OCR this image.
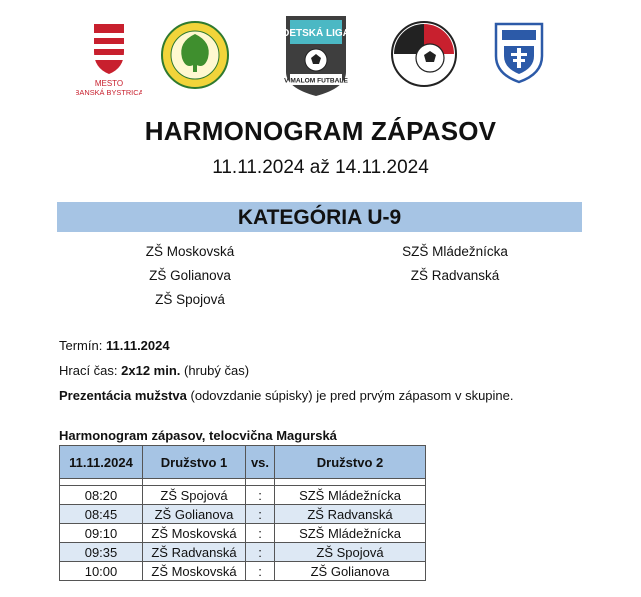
MESTO
BANSKÁ BYSTRICA
DETSKÁ LIGA
V MALOM FUTBALE
HARMONOGRAM ZÁPASOV
11.11.2024 až 14.11.2024
KATEGÓRIA U-9
ZŠ Moskovská
ZŠ Golianova
ZŠ Spojová
SZŠ Mládežnícka
ZŠ Radvanská
Termín: 11.11.2024
Hrací čas: 2x12 min. (hrubý čas)
Prezentácia mužstva (odovzdanie súpisky) je pred prvým zápasom v skupine.
Harmonogram zápasov, telocvična Magurská
11.11.2024	Družstvo 1	vs.	Družstvo 2

08:20	ZŠ Spojová	:	SZŠ Mládežnícka
08:45	ZŠ Golianova	:	ZŠ Radvanská
09:10	ZŠ Moskovská	:	SZŠ Mládežnícka
09:35	ZŠ Radvanská	:	ZŠ Spojová
10:00	ZŠ Moskovská	:	ZŠ Golianova
